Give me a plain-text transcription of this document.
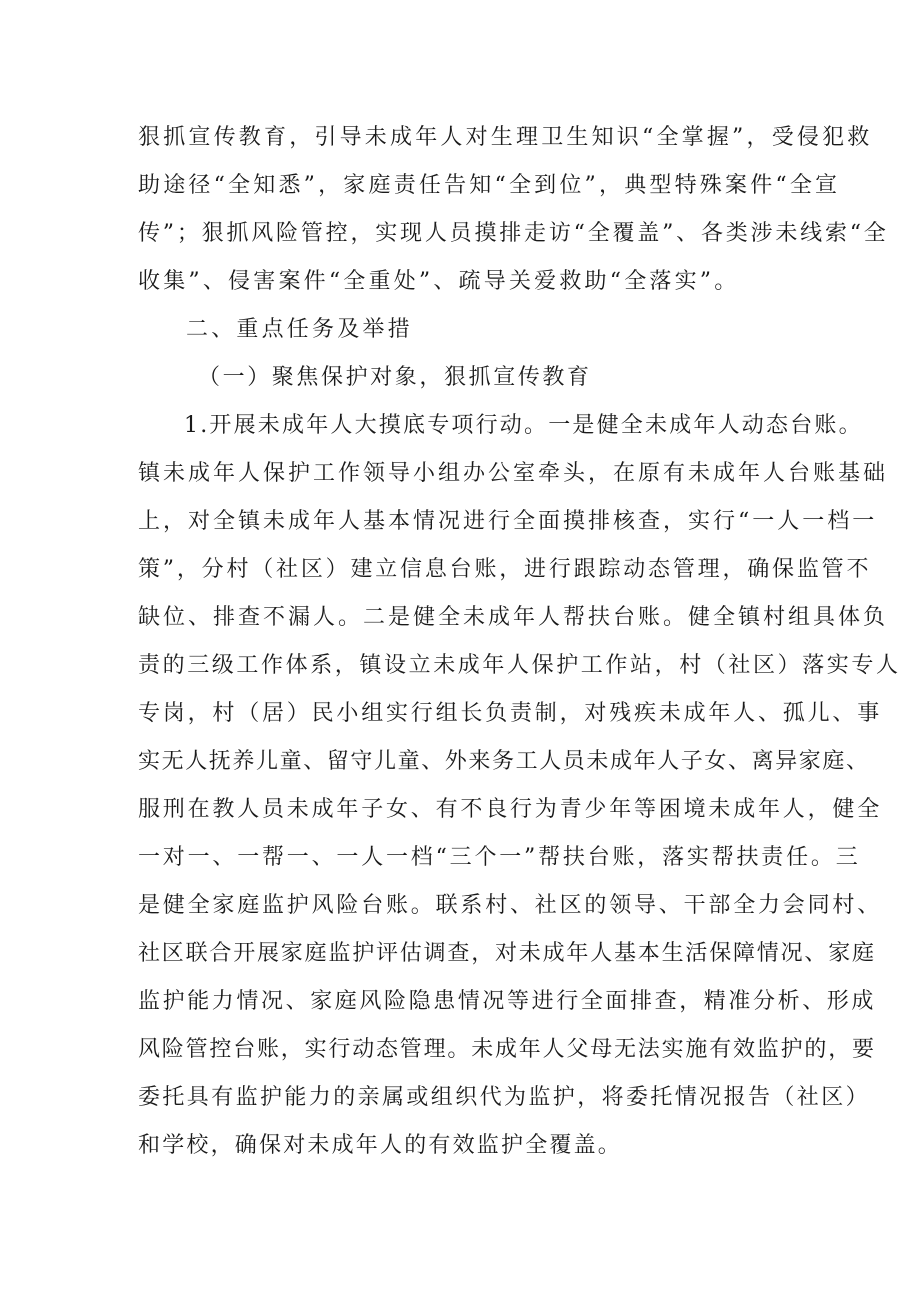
狠抓宣传教育，引导未成年人对生理卫生知识“全掌握”，受侵犯救
助途径“全知悉”，家庭责任告知“全到位”，典型特殊案件“全宣
传”；狠抓风险管控，实现人员摸排走访“全覆盖”、各类涉未线索“全
收集”、侵害案件“全重处”、疏导关爱救助“全落实”。
二、重点任务及举措
（一）聚焦保护对象，狠抓宣传教育
1.开展未成年人大摸底专项行动。一是健全未成年人动态台账。
镇未成年人保护工作领导小组办公室牵头，在原有未成年人台账基础
上，对全镇未成年人基本情况进行全面摸排核查，实行“一人一档一
策”，分村（社区）建立信息台账，进行跟踪动态管理，确保监管不
缺位、排查不漏人。二是健全未成年人帮扶台账。健全镇村组具体负
责的三级工作体系，镇设立未成年人保护工作站，村（社区）落实专人
专岗，村（居）民小组实行组长负责制，对残疾未成年人、孤儿、事
实无人抚养儿童、留守儿童、外来务工人员未成年人子女、离异家庭、
服刑在教人员未成年子女、有不良行为青少年等困境未成年人，健全
一对一、一帮一、一人一档“三个一”帮扶台账，落实帮扶责任。三
是健全家庭监护风险台账。联系村、社区的领导、干部全力会同村、
社区联合开展家庭监护评估调查，对未成年人基本生活保障情况、家庭
监护能力情况、家庭风险隐患情况等进行全面排查，精准分析、形成
风险管控台账，实行动态管理。未成年人父母无法实施有效监护的，要
委托具有监护能力的亲属或组织代为监护，将委托情况报告（社区）
和学校，确保对未成年人的有效监护全覆盖。
